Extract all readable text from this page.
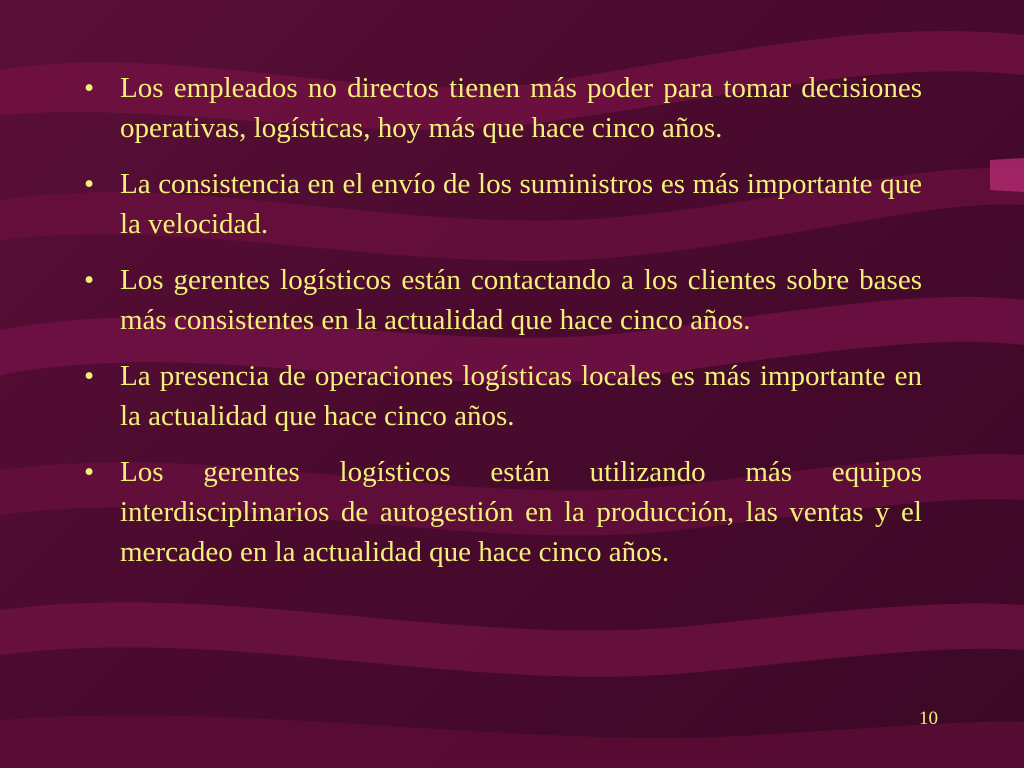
• Los empleados no directos tienen más poder para tomar decisiones operativas, logísticas, hoy más que hace cinco años.
• La consistencia en el envío de los suministros es más importante que la velocidad.
• Los gerentes logísticos están contactando a los clientes sobre bases más consistentes en la actualidad que hace cinco años.
• La presencia de operaciones logísticas locales es más importante en la actualidad que hace cinco años.
• Los gerentes logísticos están utilizando más equipos interdisciplinarios de autogestión en la producción, las ventas y el mercadeo en la actualidad que hace cinco años.
10
